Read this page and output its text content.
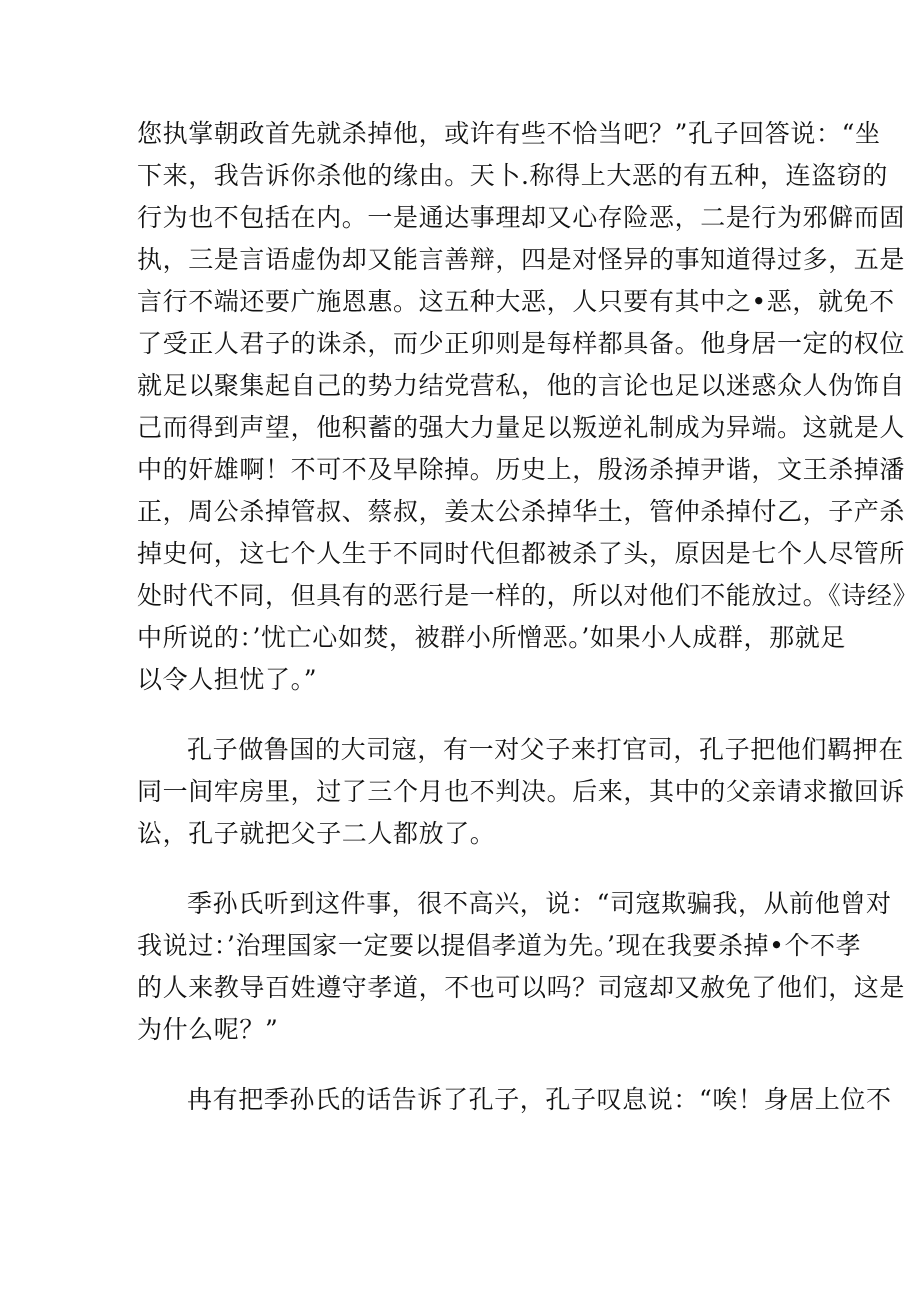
您执掌朝政首先就杀掉他，或许有些不恰当吧？”孔子回答说：“坐
下来，我告诉你杀他的缘由。天卜.称得上大恶的有五种，连盗窃的
行为也不包括在内。一是通达事理却又心存险恶，二是行为邪僻而固
执，三是言语虚伪却又能言善辩，四是对怪异的事知道得过多，五是
言行不端还要广施恩惠。这五种大恶，人只要有其中之•恶，就免不
了受正人君子的诛杀，而少正卯则是每样都具备。他身居一定的权位
就足以聚集起自己的势力结党营私，他的言论也足以迷惑众人伪饰自
己而得到声望，他积蓄的强大力量足以叛逆礼制成为异端。这就是人
中的奸雄啊！不可不及早除掉。历史上，殷汤杀掉尹谐，文王杀掉潘
正，周公杀掉管叔、蔡叔，姜太公杀掉华土，管仲杀掉付乙，子产杀
掉史何，这七个人生于不同时代但都被杀了头，原因是七个人尽管所
处时代不同，但具有的恶行是一样的，所以对他们不能放过。《诗经》
中所说的：’忧亡心如焚，被群小所憎恶。’如果小人成群，那就足
以令人担忧了。”
孔子做鲁国的大司寇，有一对父子来打官司，孔子把他们羁押在
同一间牢房里，过了三个月也不判决。后来，其中的父亲请求撤回诉
讼，孔子就把父子二人都放了。
季孙氏听到这件事，很不高兴，说：“司寇欺骗我，从前他曾对
我说过：’治理国家一定要以提倡孝道为先。’现在我要杀掉•个不孝
的人来教导百姓遵守孝道，不也可以吗？司寇却又赦免了他们，这是
为什么呢？”
冉有把季孙氏的话告诉了孔子，孔子叹息说：“唉！身居上位不
